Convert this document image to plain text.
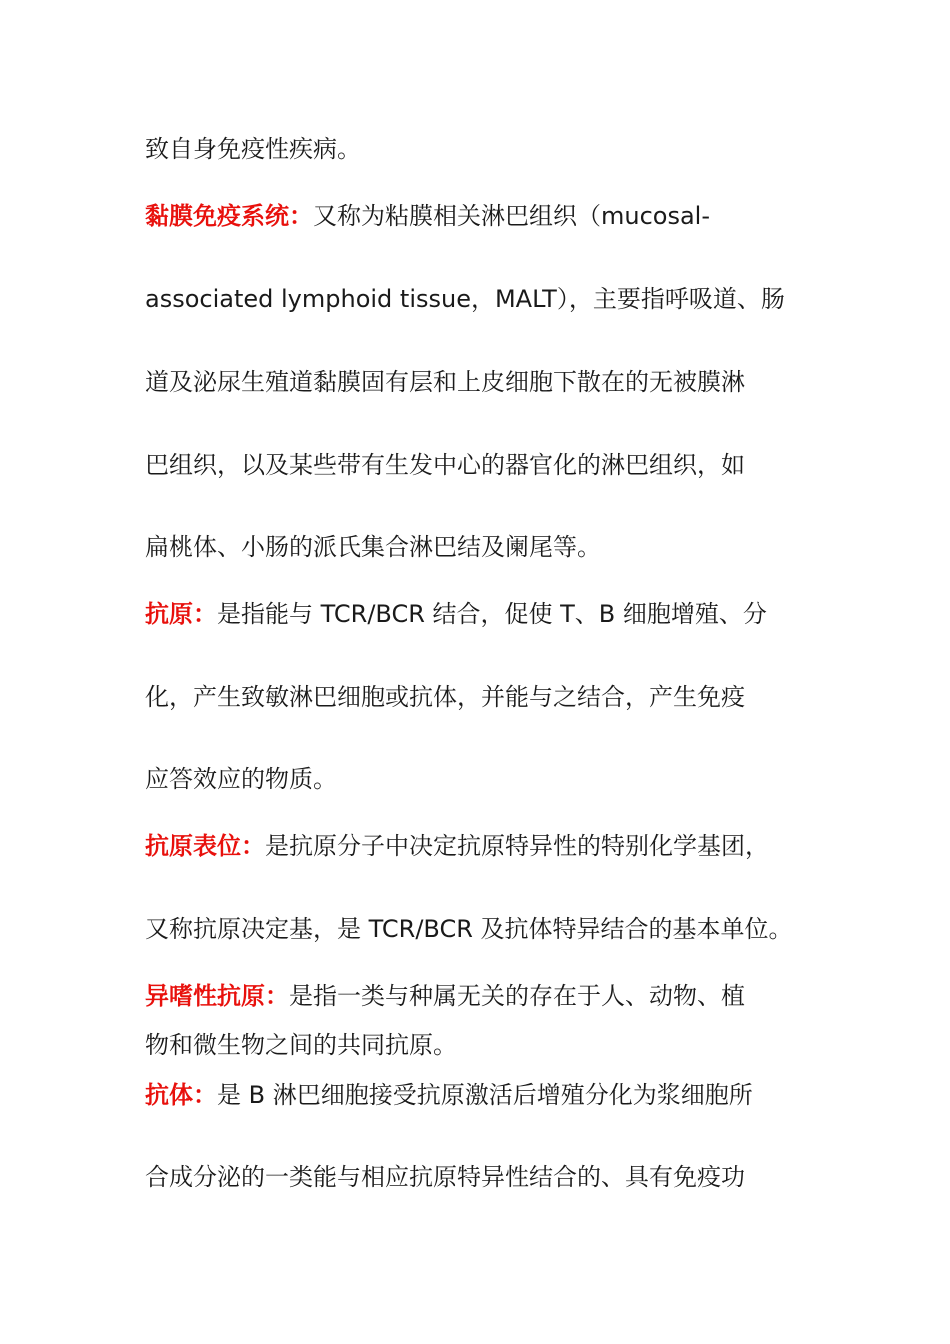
致自身免疫性疾病。
黏膜免疫系统：又称为粘膜相关淋巴组织（mucosal-
associated lymphoid tissue，MALT），主要指呼吸道、肠
道及泌尿生殖道黏膜固有层和上皮细胞下散在的无被膜淋
巴组织，以及某些带有生发中心的器官化的淋巴组织，如
扁桃体、小肠的派氏集合淋巴结及阑尾等。
抗原：是指能与 TCR/BCR 结合，促使 T、B 细胞增殖、分
化，产生致敏淋巴细胞或抗体，并能与之结合，产生免疫
应答效应的物质。
抗原表位：是抗原分子中决定抗原特异性的特别化学基团，
又称抗原决定基，是 TCR/BCR 及抗体特异结合的基本单位。
异嗜性抗原：是指一类与种属无关的存在于人、动物、植
物和微生物之间的共同抗原。
抗体：是 B 淋巴细胞接受抗原激活后增殖分化为浆细胞所
合成分泌的一类能与相应抗原特异性结合的、具有免疫功
